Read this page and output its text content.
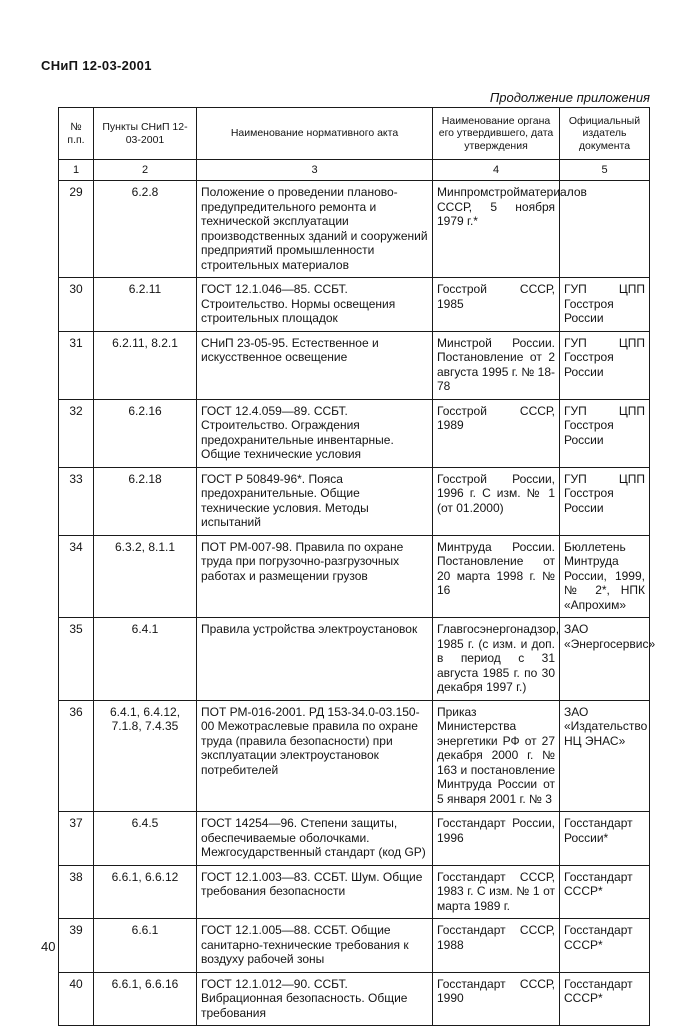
СНиП 12-03-2001
Продолжение приложения
№ п.п.	Пункты СНиП 12-03-2001	Наименование нормативного акта	Наименование органа его утвердившего, дата утверждения	Официальный издатель документа
1	2	3	4	5
29	6.2.8	Положение о проведении планово-предупредительного ремонта и технической эксплуатации производственных зданий и сооружений предприятий промышленности строительных материалов	Минпромстройматериалов СССР, 5 ноября 1979 г.*	
30	6.2.11	ГОСТ 12.1.046—85. ССБТ. Строительство. Нормы освещения строительных площадок	Госстрой СССР, 1985	ГУП ЦПП Госстроя России
31	6.2.11, 8.2.1	СНиП 23-05-95. Естественное и искусственное освещение	Минстрой России. Постановление от 2 августа 1995 г. № 18-78	ГУП ЦПП Госстроя России
32	6.2.16	ГОСТ 12.4.059—89. ССБТ. Строительство. Ограждения предохранительные инвентарные. Общие технические условия	Госстрой СССР, 1989	ГУП ЦПП Госстроя России
33	6.2.18	ГОСТ Р 50849-96*. Пояса предохранительные. Общие технические условия. Методы испытаний	Госстрой России, 1996 г. С изм. № 1 (от 01.2000)	ГУП ЦПП Госстроя России
34	6.3.2, 8.1.1	ПОТ РМ-007-98. Правила по охране труда при погрузочно-разгрузочных работах и размещении грузов	Минтруда России. Постановление от 20 марта 1998 г. № 16	Бюллетень Минтруда России, 1999, № 2*, НПК «Апрохим»
35	6.4.1	Правила устройства электроустановок	Главгосэнергонадзор, 1985 г. (с изм. и доп. в период с 31 августа 1985 г. по 30 декабря 1997 г.)	ЗАО «Энергосервис»
36	6.4.1, 6.4.12, 7.1.8, 7.4.35	ПОТ РМ-016-2001. РД 153-34.0-03.150-00 Межотраслевые правила по охране труда (правила безопасности) при эксплуатации электроустановок потребителей	Приказ Министерства энергетики РФ от 27 декабря 2000 г. № 163 и постановление Минтруда России от 5 января 2001 г. № 3	ЗАО «Издательство НЦ ЭНАС»
37	6.4.5	ГОСТ 14254—96. Степени защиты, обеспечиваемые оболочками. Межгосударственный стандарт (код GP)	Госстандарт России, 1996	Госстандарт России*
38	6.6.1, 6.6.12	ГОСТ 12.1.003—83. ССБТ. Шум. Общие требования безопасности	Госстандарт СССР, 1983 г. С изм. № 1 от марта 1989 г.	Госстандарт СССР*
39	6.6.1	ГОСТ 12.1.005—88. ССБТ. Общие санитарно-технические требования к воздуху рабочей зоны	Госстандарт СССР, 1988	Госстандарт СССР*
40	6.6.1, 6.6.16	ГОСТ 12.1.012—90. ССБТ. Вибрационная безопасность. Общие требования	Госстандарт СССР, 1990	Госстандарт СССР*
40
